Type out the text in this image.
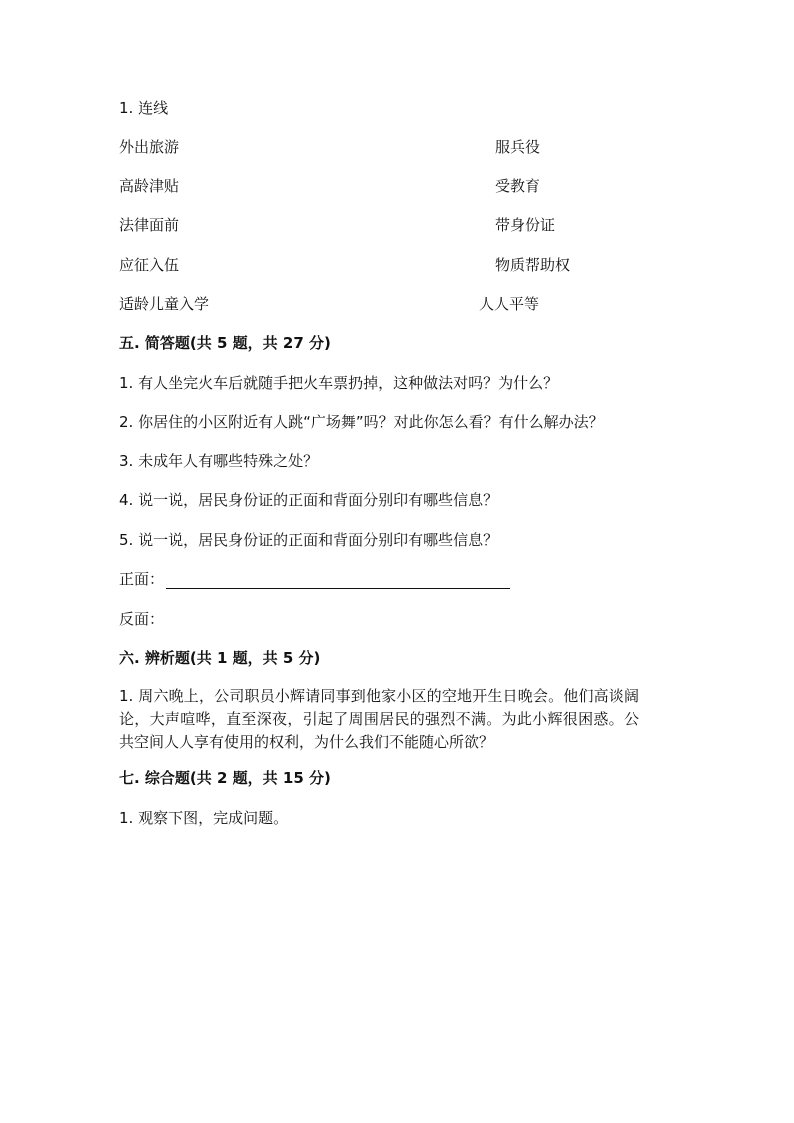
1. 连线
外出旅游	服兵役
高龄津贴	受教育
法律面前	带身份证
应征入伍	物质帮助权
适龄儿童入学	人人平等
五. 简答题(共 5 题，共 27 分)
1. 有人坐完火车后就随手把火车票扔掉，这种做法对吗？为什么？
2. 你居住的小区附近有人跳“广场舞”吗？对此你怎么看？有什么解办法？
3. 未成年人有哪些特殊之处？
4. 说一说，居民身份证的正面和背面分别印有哪些信息？
5. 说一说，居民身份证的正面和背面分别印有哪些信息？
正面：
反面：
六. 辨析题(共 1 题，共 5 分)
1. 周六晚上，公司职员小辉请同事到他家小区的空地开生日晚会。他们高谈阔论，大声喧哗，直至深夜，引起了周围居民的强烈不满。为此小辉很困惑。公共空间人人享有使用的权利，为什么我们不能随心所欲？
七. 综合题(共 2 题，共 15 分)
1. 观察下图，完成问题。
